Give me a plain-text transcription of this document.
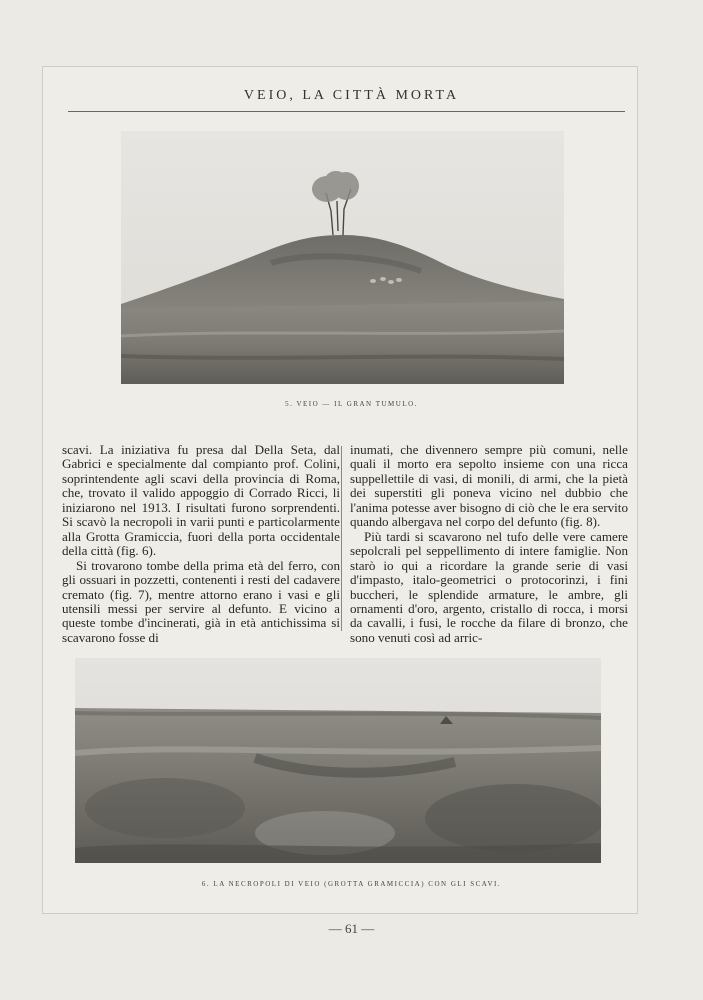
VEIO, LA CITTÀ MORTA
5. VEIO — IL GRAN TUMULO.

scavi. La iniziativa fu presa dal Della Seta, dal Gabrici e specialmente dal compianto prof. Colini, soprintendente agli scavi della provincia di Roma, che, trovato il valido appoggio di Corrado Ricci, li iniziarono nel 1913. I risultati furono sorprendenti. Si scavò la necropoli in varii punti e particolarmente alla Grotta Gramiccia, fuori della porta occidentale della città (fig. 6).

Si trovarono tombe della prima età del ferro, con gli ossuari in pozzetti, contenenti i resti del cadavere cremato (fig. 7), mentre attorno erano i vasi e gli utensili messi per servire al defunto. E vicino a queste tombe d'incinerati, già in età antichissima si scavarono fosse di

inumati, che divennero sempre più comuni, nelle quali il morto era sepolto insieme con una ricca suppellettile di vasi, di monili, di armi, che la pietà dei superstiti gli poneva vicino nel dubbio che l'anima potesse aver bisogno di ciò che le era servito quando albergava nel corpo del defunto (fig. 8).

Più tardi si scavarono nel tufo delle vere camere sepolcrali pel seppellimento di intere famiglie. Non starò io qui a ricordare la grande serie di vasi d'impasto, italo-geometrici o protocorinzi, i fini buccheri, le splendide armature, le ambre, gli ornamenti d'oro, argento, cristallo di rocca, i morsi da cavalli, i fusi, le rocche da filare di bronzo, che sono venuti così ad arric-

6. LA NECROPOLI DI VEIO (GROTTA GRAMICCIA) CON GLI SCAVI.
— 61 —
